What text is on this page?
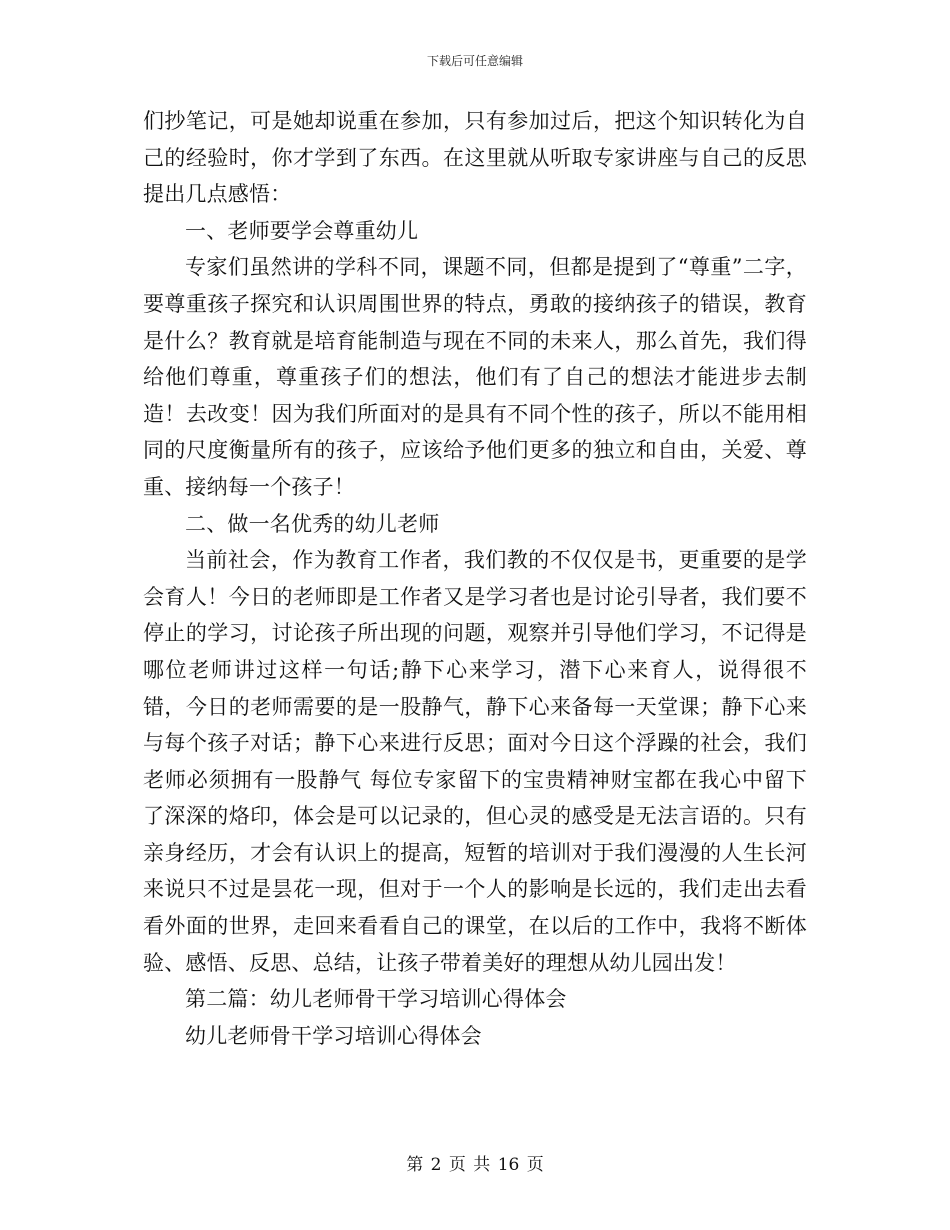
下载后可任意编辑

们抄笔记，可是她却说重在参加，只有参加过后，把这个知识转化为自己的经验时，你才学到了东西。在这里就从听取专家讲座与自己的反思提出几点感悟：

一、老师要学会尊重幼儿

专家们虽然讲的学科不同，课题不同，但都是提到了“尊重”二字，要尊重孩子探究和认识周围世界的特点，勇敢的接纳孩子的错误，教育是什么？教育就是培育能制造与现在不同的未来人，那么首先，我们得给他们尊重，尊重孩子们的想法，他们有了自己的想法才能进步去制造！去改变！因为我们所面对的是具有不同个性的孩子，所以不能用相同的尺度衡量所有的孩子，应该给予他们更多的独立和自由，关爱、尊重、接纳每一个孩子！

二、做一名优秀的幼儿老师

当前社会，作为教育工作者，我们教的不仅仅是书，更重要的是学会育人！今日的老师即是工作者又是学习者也是讨论引导者，我们要不停止的学习，讨论孩子所出现的问题，观察并引导他们学习，不记得是哪位老师讲过这样一句话;静下心来学习，潜下心来育人，说得很不错，今日的老师需要的是一股静气，静下心来备每一天堂课；静下心来与每个孩子对话；静下心来进行反思；面对今日这个浮躁的社会，我们老师必须拥有一股静气 每位专家留下的宝贵精神财宝都在我心中留下了深深的烙印，体会是可以记录的，但心灵的感受是无法言语的。只有亲身经历，才会有认识上的提高，短暂的培训对于我们漫漫的人生长河来说只不过是昙花一现，但对于一个人的影响是长远的，我们走出去看看外面的世界，走回来看看自己的课堂，在以后的工作中，我将不断体验、感悟、反思、总结，让孩子带着美好的理想从幼儿园出发！

第二篇：幼儿老师骨干学习培训心得体会

幼儿老师骨干学习培训心得体会

第 2 页 共 16 页
